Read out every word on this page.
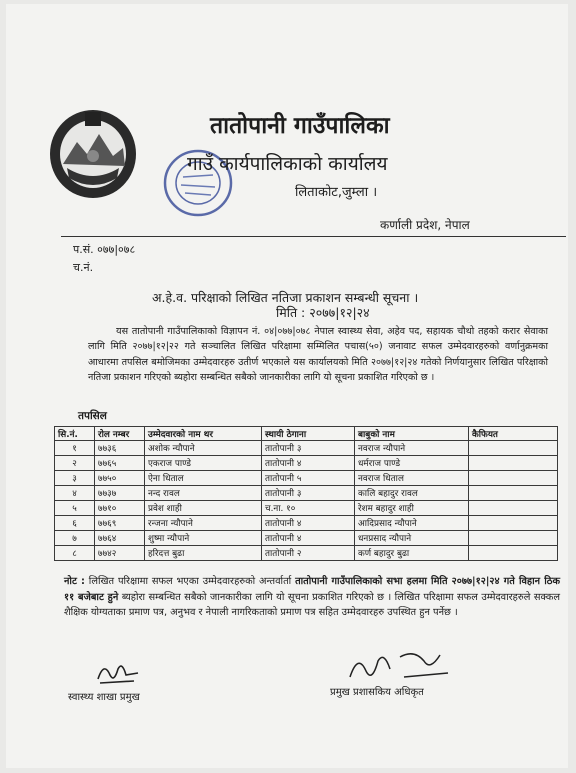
तातोपानी गाउँपालिका
गाउँ कार्यपालिकाको कार्यालय
लिताकोट,जुम्ला ।
कर्णाली प्रदेश, नेपाल
प.सं. ०७७|०७८
च.नं.
अ.हे.व. परिक्षाको लिखित नतिजा प्रकाशन सम्बन्धी सूचना ।
मिति : २०७७|१२|२४

यस तातोपानी गाउँपालिकाको विज्ञापन नं. ०४|०७७|०७८ नेपाल स्वास्थ्य सेवा, अहेव पद, सहायक चौथो तहको करार सेवाका लागि मिति २०७७|१२|२२ गते सञ्चालित लिखित परिक्षामा सम्मिलित पचास(५०) जनावाट सफल उम्मेदवारहरुको वर्णानुक्रमका आधारमा तपसिल बमोजिमका उम्मेदवारहरु उतीर्ण भएकाले यस कार्यालयको मिति २०७७|१२|२४ गतेको निर्णयानुसार लिखित परिक्षाको नतिजा प्रकाशन गरिएको ब्यहोरा सम्बन्धित सबैको जानकारीका लागि यो सूचना प्रकाशित गरिएको छ ।

तपसिल
सि.नं.	रोल नम्बर	उम्मेदवारको नाम थर	स्थायी ठेगाना	बाबुको नाम	कैफियत
१	७७३६	अशोक न्यौपाने	तातोपानी ३	नवराज न्यौपाने	
२	७७६५	एकराज पाण्डे	तातोपानी ४	धर्मराज पाण्डे	
३	७७५०	ऐना धिताल	तातोपानी ५	नवराज धिताल	
४	७७३७	नन्द रावल	तातोपानी ३	कालि बहादुर रावल	
५	७७१०	प्रवेश शाही	च.ना. १०	रेशम बहादुर शाही	
६	७७६९	रन्जना न्यौपाने	तातोपानी ४	आदिप्रसाद न्यौपाने	
७	७७६४	शुष्मा न्यौपाने	तातोपानी ४	धनप्रसाद न्यौपाने	
८	७७४२	हरिदत्त बुढा	तातोपानी २	कर्ण बहादुर बुढा	

नोट : लिखित परिक्षामा सफल भएका उम्मेदवारहरुको अन्तर्वार्ता तातोपानी गाउँपालिकाको सभा हलमा मिति २०७७|१२|२४ गते विहान ठिक ११ बजेबाट हुने ब्यहोरा सम्बन्धित सबैको जानकारीका लागि यो सूचना प्रकाशित गरिएको छ । लिखित परिक्षामा सफल उम्मेदवारहरुले सक्कल शैक्षिक योग्यताका प्रमाण पत्र, अनुभव र नेपाली नागरिकताको प्रमाण पत्र सहित उम्मेदवारहरु उपस्थित हुन पर्नेछ ।

स्वास्थ्य शाखा प्रमुख	प्रमुख प्रशासकिय अधिकृत
